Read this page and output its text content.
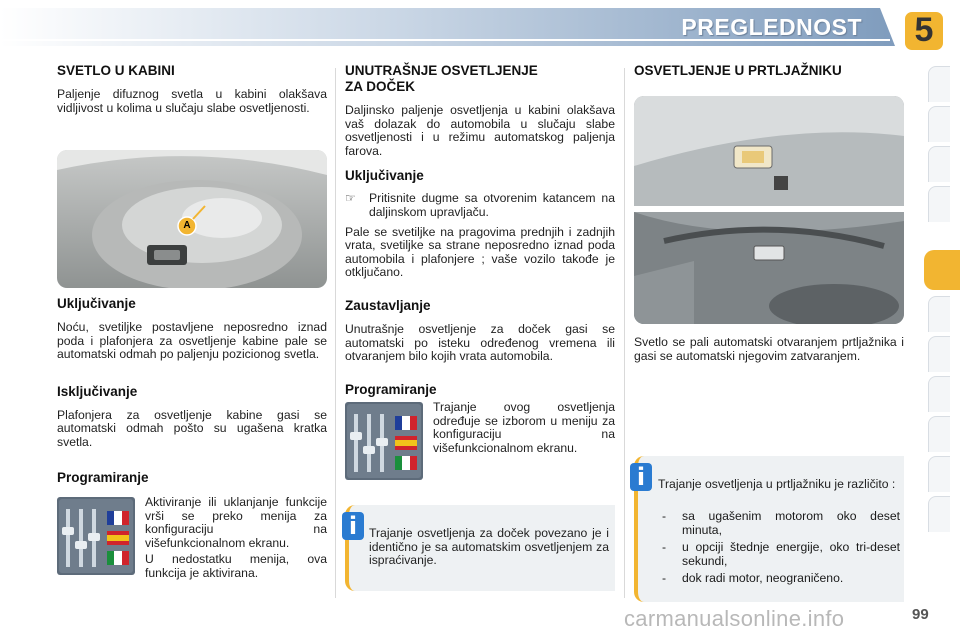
PREGLEDNOST	5
SVETLO U KABINI

Paljenje difuznog svetla u kabini olakšava vidljivost u kolima u slučaju slabe osvetljenosti.

A
Uključivanje

Noću, svetiljke postavljene neposredno iznad poda i plafonjera za osvetljenje kabine pale se automatski odmah po paljenju pozicionog svetla.

Isključivanje

Plafonjera za osvetljenje kabine gasi se automatski odmah pošto su ugašena kratka svetla.

Programiranje

Aktiviranje ili uklanjanje funkcije vrši se preko menija za konfiguraciju na višefunkcionalnom ekranu.

U nedostatku menija, ova funkcija je aktivirana.

UNUTRAŠNJE OSVETLJENJE
ZA DOČEK

Daljinsko paljenje osvetljenja u kabini olakšava vaš dolazak do automobila u slučaju slabe osvetljenosti i u režimu automatskog paljenja farova.

Uključivanje
☞ Pritisnite dugme sa otvorenim katancem na daljinskom upravljaču.

Pale se svetiljke na pragovima prednjih i zadnjih vrata, svetiljke sa strane neposredno iznad poda automobila i plafonjere ; vaše vozilo takođe je otključano.

Zaustavljanje

Unutrašnje osvetljenje za doček gasi se automatski po isteku određenog vremena ili otvaranjem bilo kojih vrata automobila.

Programiranje

Trajanje ovog osvetljenja određuje se izborom u meniju za konfiguraciju na višefunkcionalnom ekranu.

Trajanje osvetljenja za doček povezano je i identično je sa automatskim osvetljenjem za ispraćivanje.

i
OSVETLJENJE U PRTLJAŽNIKU

Svetlo se pali automatski otvaranjem prtljažnika i gasi se automatski njegovim zatvaranjem.

Trajanje osvetljenja u prtljažniku je različito :

- sa ugašenim motorom oko deset minuta,
- u opciji štednje energije, oko tri-deset sekundi,
- dok radi motor, neograničeno.
i
carmanualsonline.info	99
